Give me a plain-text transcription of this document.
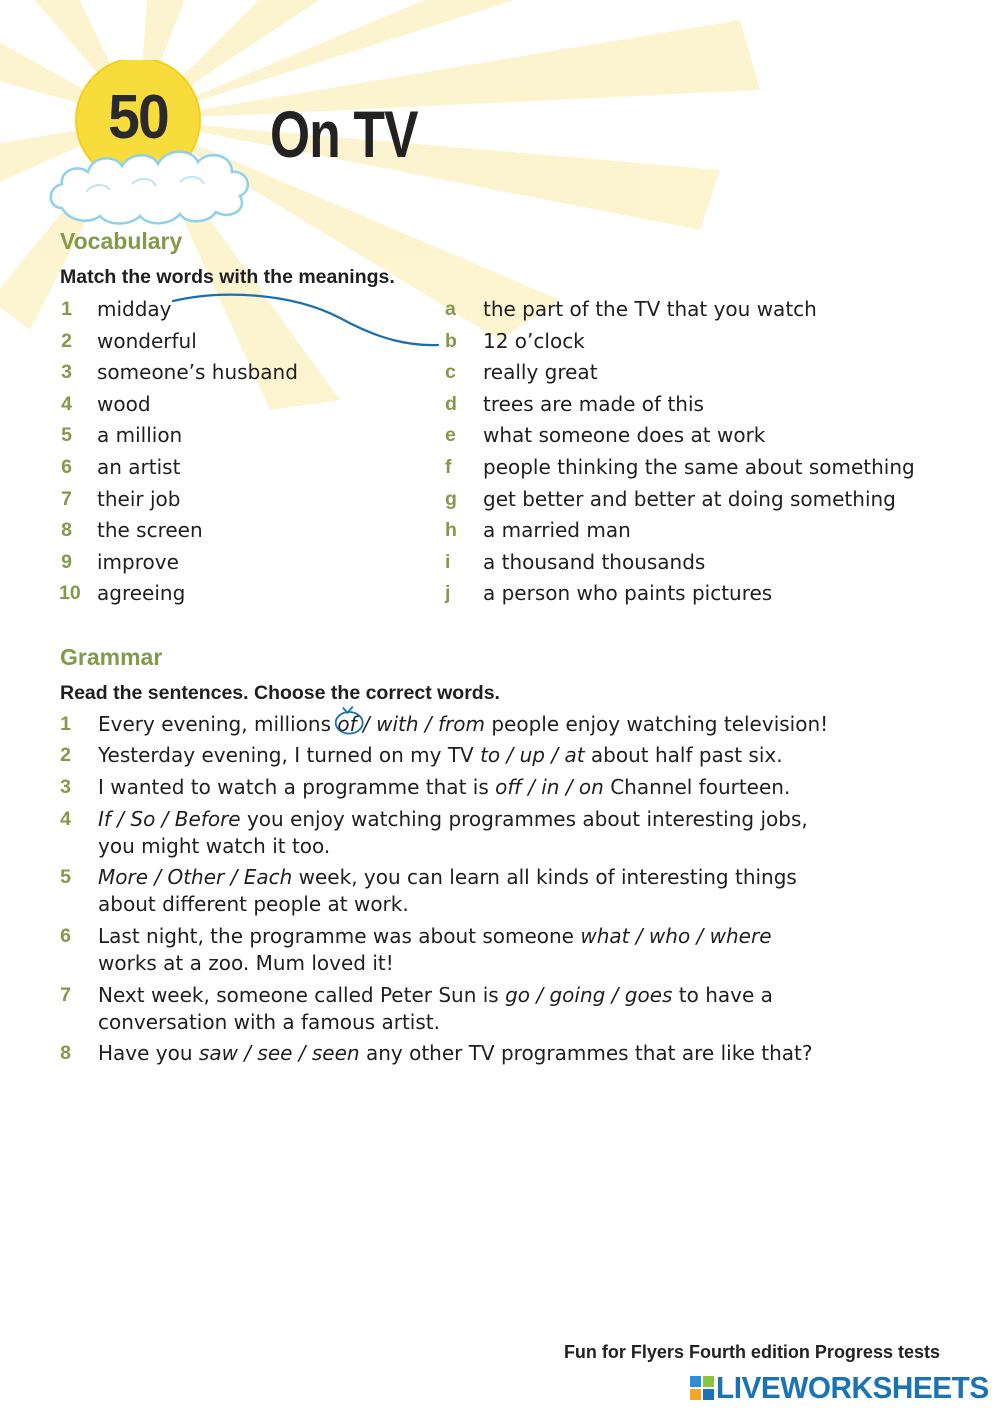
50	On TV
Vocabulary
Match the words with the meanings.
1 midday
2 wonderful
3 someone’s husband
4 wood
5 a million
6 an artist
7 their job
8 the screen
9 improve
10 agreeing
a the part of the TV that you watch
b 12 o’clock
c really great
d trees are made of this
e what someone does at work
f people thinking the same about something
g get better and better at doing something
h a married man
i a thousand thousands
j a person who paints pictures
Grammar
Read the sentences. Choose the correct words.
1 Every evening, millions of
/ with / from people enjoy watching television!
2 Yesterday evening, I turned on my TV to / up / at about half past six.
3 I wanted to watch a programme that is off / in / on Channel fourteen.
4 If / So / Before you enjoy watching programmes about interesting jobs,
you might watch it too.
5 More / Other / Each week, you can learn all kinds of interesting things
about different people at work.
6 Last night, the programme was about someone what / who / where
works at a zoo. Mum loved it!
7 Next week, someone called Peter Sun is go / going / goes to have a
conversation with a famous artist.
8 Have you saw / see / seen any other TV programmes that are like that?
Fun for Flyers Fourth edition Progress tests
LIVEWORKSHEETS
